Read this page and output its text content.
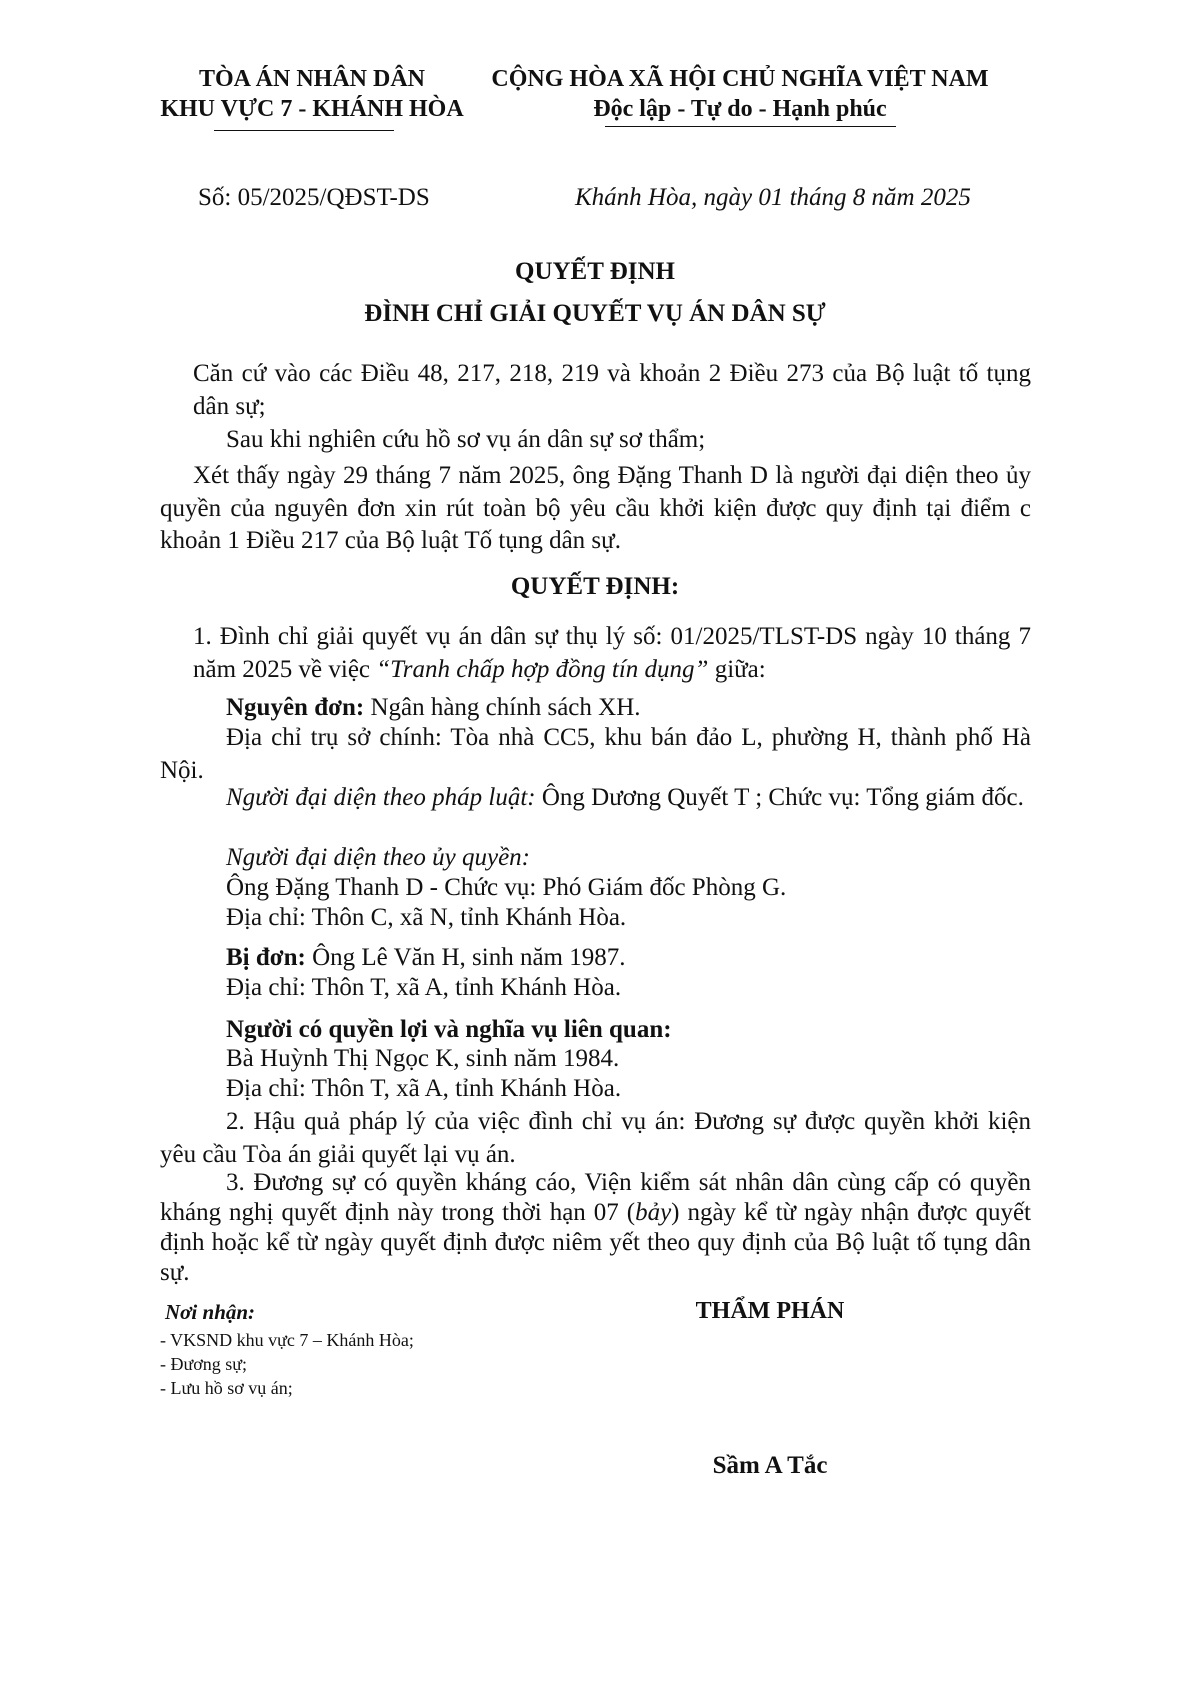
TÒA ÁN NHÂN DÂN
KHU VỰC 7 - KHÁNH HÒA
CỘNG HÒA XÃ HỘI CHỦ NGHĨA VIỆT NAM
Độc lập - Tự do - Hạnh phúc
Số: 05/2025/QĐST-DS	Khánh Hòa, ngày 01 tháng 8 năm 2025
QUYẾT ĐỊNH
ĐÌNH CHỈ GIẢI QUYẾT VỤ ÁN DÂN SỰ
Căn cứ vào các Điều 48, 217, 218, 219 và khoản 2 Điều 273 của Bộ luật tố tụng dân sự;
Sau khi nghiên cứu hồ sơ vụ án dân sự sơ thẩm;
Xét thấy ngày 29 tháng 7 năm 2025, ông Đặng Thanh D là người đại diện theo ủy quyền của nguyên đơn xin rút toàn bộ yêu cầu khởi kiện được quy định tại điểm c khoản 1 Điều 217 của Bộ luật Tố tụng dân sự.
QUYẾT ĐỊNH:
1. Đình chỉ giải quyết vụ án dân sự thụ lý số: 01/2025/TLST-DS ngày 10 tháng 7 năm 2025 về việc “Tranh chấp hợp đồng tín dụng” giữa:
Nguyên đơn: Ngân hàng chính sách XH.
Địa chỉ trụ sở chính: Tòa nhà CC5, khu bán đảo L, phường H, thành phố Hà Nội.
Người đại diện theo pháp luật: Ông Dương Quyết T ; Chức vụ: Tổng giám đốc.
Người đại diện theo ủy quyền:
Ông Đặng Thanh D - Chức vụ: Phó Giám đốc Phòng G.
Địa chỉ: Thôn C, xã N, tỉnh Khánh Hòa.
Bị đơn: Ông Lê Văn H, sinh năm 1987.
Địa chỉ: Thôn T, xã A, tỉnh Khánh Hòa.
Người có quyền lợi và nghĩa vụ liên quan:
Bà Huỳnh Thị Ngọc K, sinh năm 1984.
Địa chỉ: Thôn T, xã A, tỉnh Khánh Hòa.
2. Hậu quả pháp lý của việc đình chỉ vụ án: Đương sự được quyền khởi kiện yêu cầu Tòa án giải quyết lại vụ án.
3. Đương sự có quyền kháng cáo, Viện kiểm sát nhân dân cùng cấp có quyền kháng nghị quyết định này trong thời hạn 07 (bảy) ngày kể từ ngày nhận được quyết định hoặc kể từ ngày quyết định được niêm yết theo quy định của Bộ luật tố tụng dân sự.
Nơi nhận:
- VKSND khu vực 7 – Khánh Hòa;
- Đương sự;
- Lưu hồ sơ vụ án;
THẨM PHÁN
Sầm A Tắc
